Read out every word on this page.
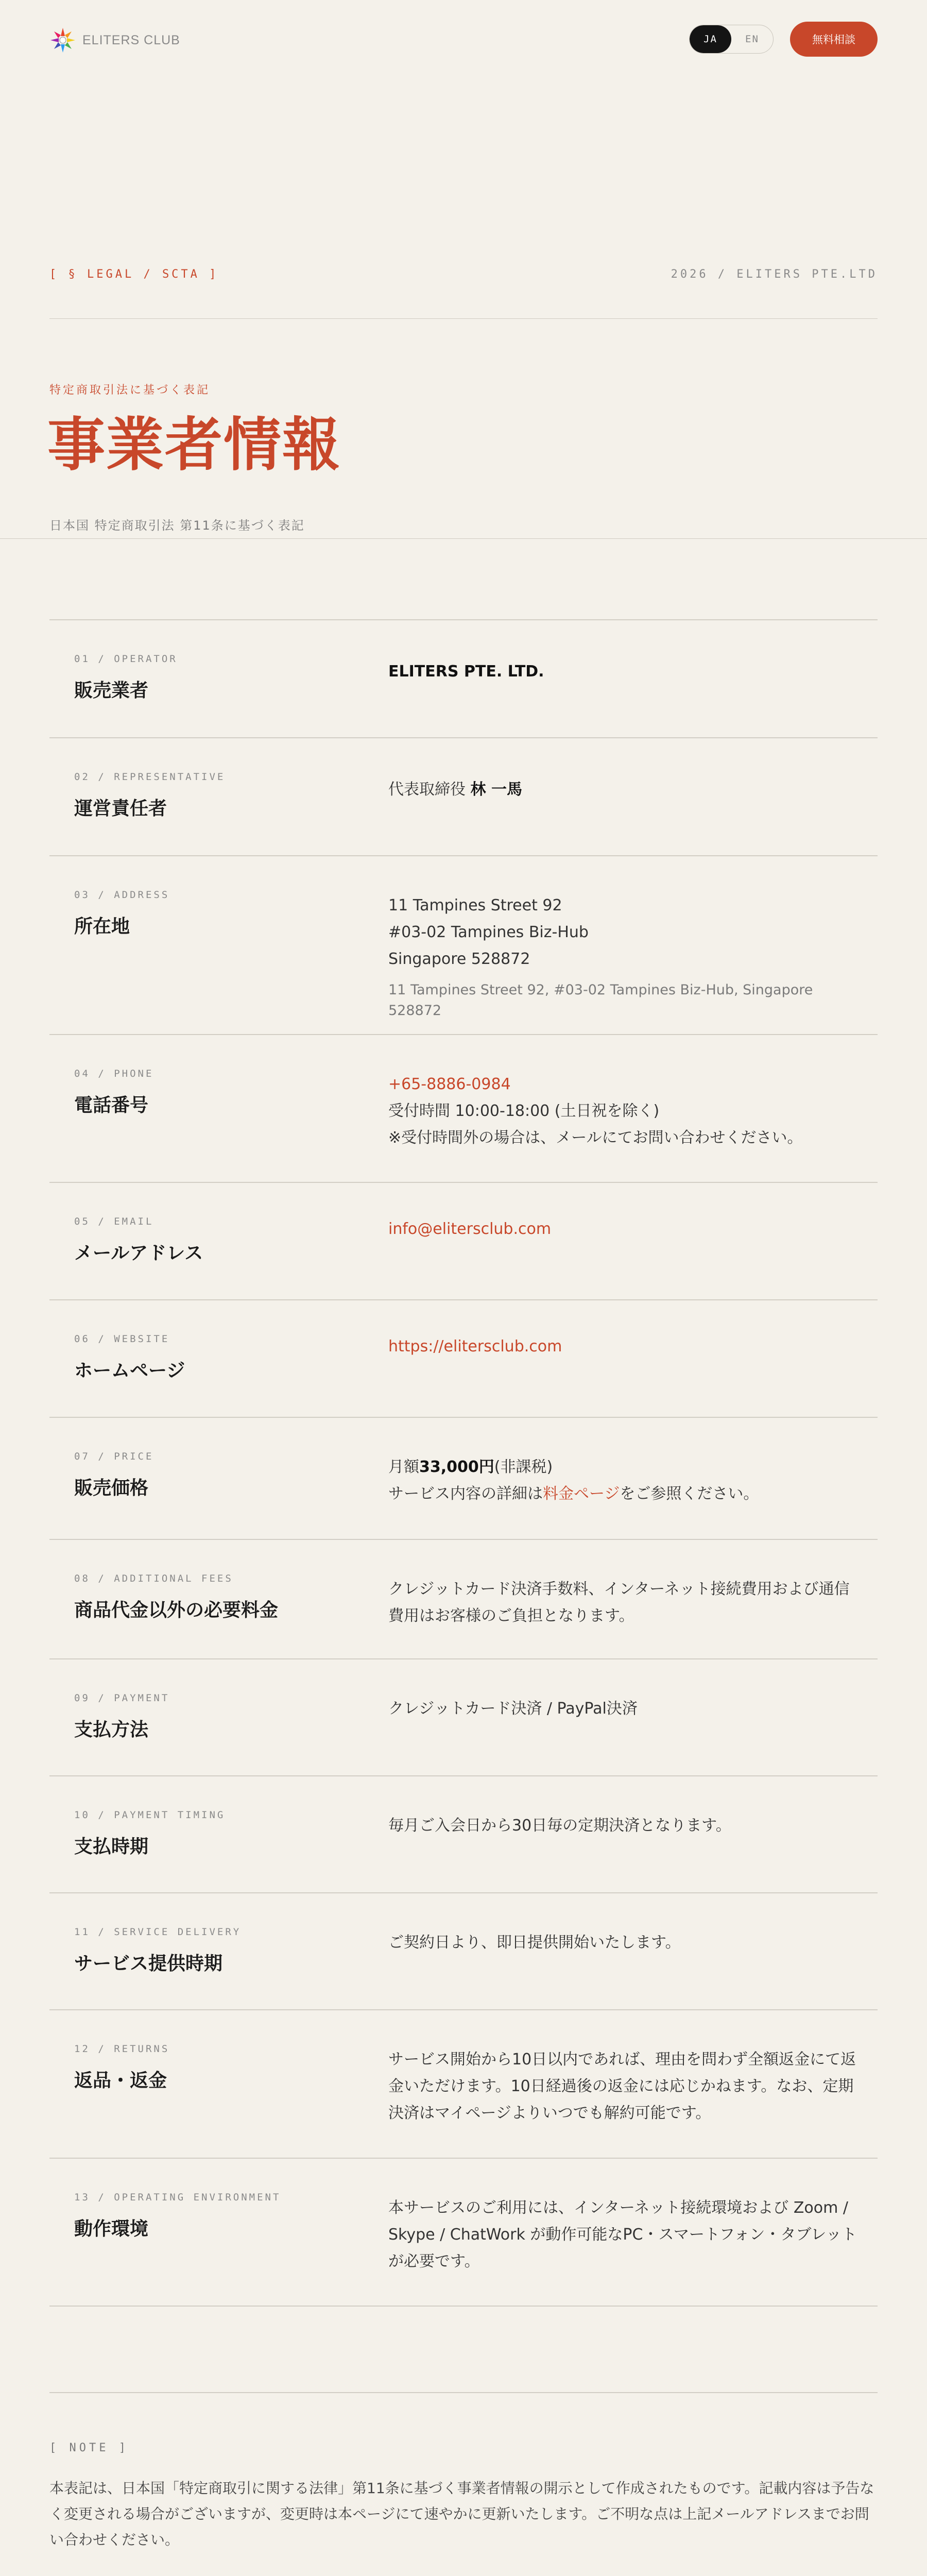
ELITERS CLUB	JA	EN	無料相談
[ § LEGAL / SCTA ]	2026 / ELITERS PTE.LTD
特定商取引法に基づく表記
事業者情報
日本国 特定商取引法 第11条に基づく表記
01 / OPERATOR
販売業者
ELITERS PTE. LTD.
02 / REPRESENTATIVE
運営責任者
代表取締役 林 一馬
03 / ADDRESS
所在地
11 Tampines Street 92
#03-02 Tampines Biz-Hub
Singapore 528872
11 Tampines Street 92, #03-02 Tampines Biz-Hub, Singapore 528872
04 / PHONE
電話番号
+65-8886-0984
受付時間 10:00-18:00 (土日祝を除く)
※受付時間外の場合は、メールにてお問い合わせください。
05 / EMAIL
メールアドレス
info@elitersclub.com
06 / WEBSITE
ホームページ
https://elitersclub.com
07 / PRICE
販売価格
月額33,000円(非課税)
サービス内容の詳細は料金ページをご参照ください。
08 / ADDITIONAL FEES
商品代金以外の必要料金
クレジットカード決済手数料、インターネット接続費用および通信費用はお客様のご負担となります。
09 / PAYMENT
支払方法
クレジットカード決済 / PayPal決済
10 / PAYMENT TIMING
支払時期
毎月ご入会日から30日毎の定期決済となります。
11 / SERVICE DELIVERY
サービス提供時期
ご契約日より、即日提供開始いたします。
12 / RETURNS
返品・返金
サービス開始から10日以内であれば、理由を問わず全額返金にて返金いただけます。10日経過後の返金には応じかねます。なお、定期決済はマイページよりいつでも解約可能です。
13 / OPERATING ENVIRONMENT
動作環境
本サービスのご利用には、インターネット接続環境および Zoom / Skype / ChatWork が動作可能なPC・スマートフォン・タブレットが必要です。
[ NOTE ]

本表記は、日本国「特定商取引に関する法律」第11条に基づく事業者情報の開示として作成されたものです。記載内容は予告なく変更される場合がございますが、変更時は本ページにて速やかに更新いたします。ご不明な点は上記メールアドレスまでお問い合わせください。
